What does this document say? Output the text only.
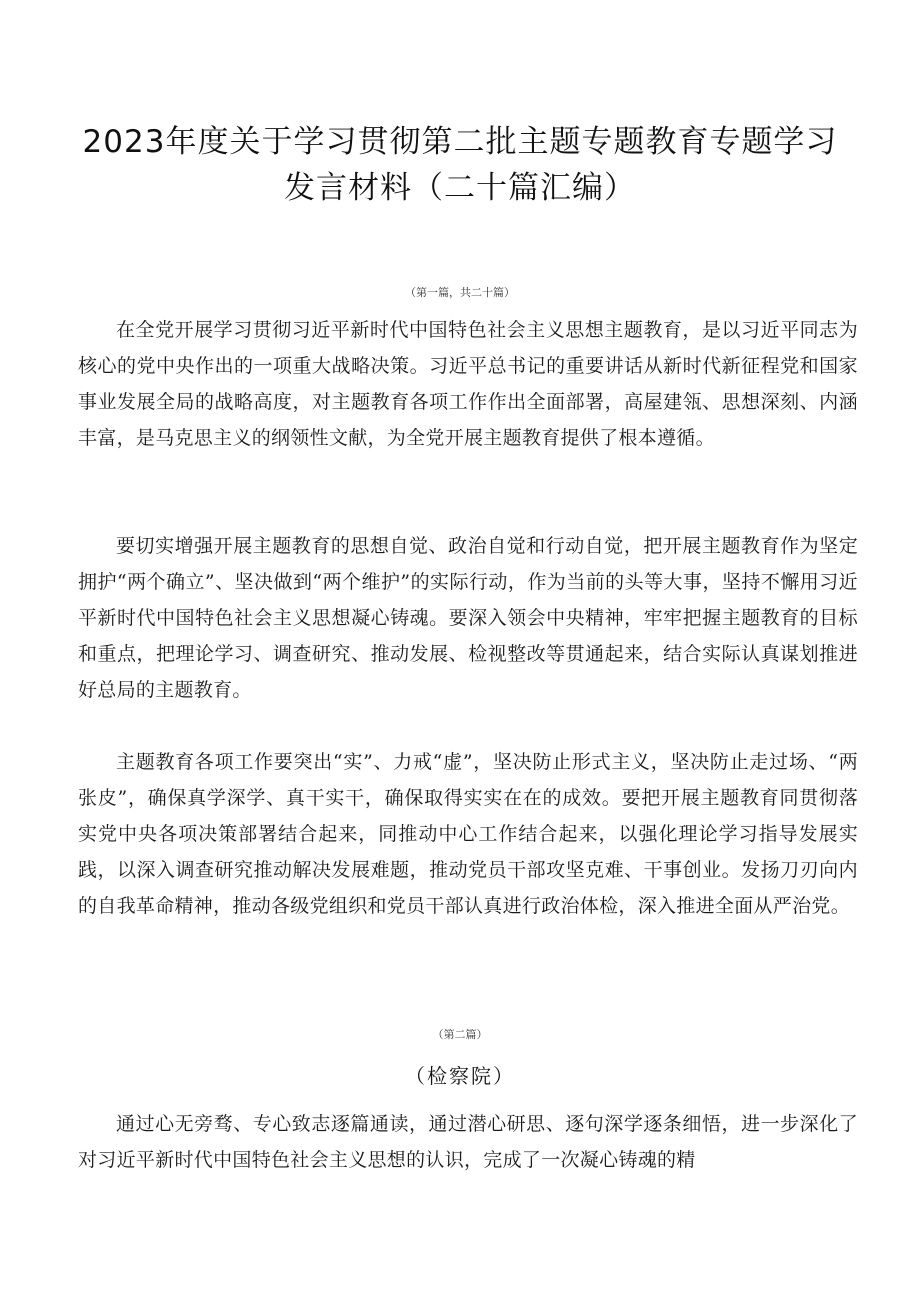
2023年度关于学习贯彻第二批主题专题教育专题学习
发言材料（二十篇汇编）
（第一篇，共二十篇）

在全党开展学习贯彻习近平新时代中国特色社会主义思想主题教育，是以习近平同志为核心的党中央作出的一项重大战略决策。习近平总书记的重要讲话从新时代新征程党和国家事业发展全局的战略高度，对主题教育各项工作作出全面部署，高屋建瓴、思想深刻、内涵丰富，是马克思主义的纲领性文献，为全党开展主题教育提供了根本遵循。

要切实增强开展主题教育的思想自觉、政治自觉和行动自觉，把开展主题教育作为坚定拥护“两个确立”、坚决做到“两个维护”的实际行动，作为当前的头等大事，坚持不懈用习近平新时代中国特色社会主义思想凝心铸魂。要深入领会中央精神，牢牢把握主题教育的目标和重点，把理论学习、调查研究、推动发展、检视整改等贯通起来，结合实际认真谋划推进好总局的主题教育。

主题教育各项工作要突出“实”、力戒“虚”，坚决防止形式主义，坚决防止走过场、“两张皮”，确保真学深学、真干实干，确保取得实实在在的成效。要把开展主题教育同贯彻落实党中央各项决策部署结合起来，同推动中心工作结合起来，以强化理论学习指导发展实践，以深入调查研究推动解决发展难题，推动党员干部攻坚克难、干事创业。发扬刀刃向内的自我革命精神，推动各级党组织和党员干部认真进行政治体检，深入推进全面从严治党。

（第二篇）
（检察院）

通过心无旁骛、专心致志逐篇通读，通过潜心研思、逐句深学逐条细悟，进一步深化了对习近平新时代中国特色社会主义思想的认识，完成了一次凝心铸魂的精
